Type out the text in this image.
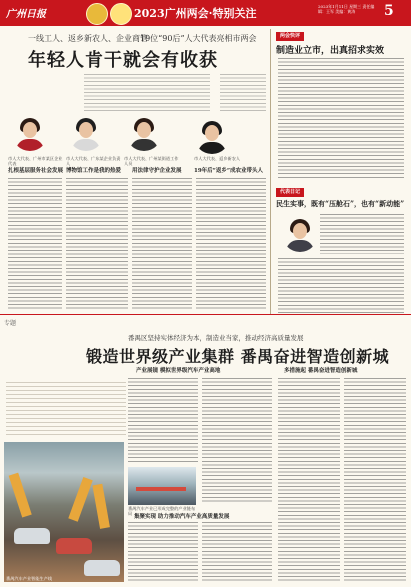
广州日报	2023广州两会·特别关注
2023年1月11日 星期三 责任编辑：王军 美编：黄涛	5
一线工人、返乡新农人、企业商管
19位“90后”人大代表亮相市两会
年轻人肯干就会有收获
两会快评
制造业立市，出真招求实效
代表日记
民生实事，既有“压舱石”，也有“新动能”
市人大代表、广州市某区企业代表
市人大代表、广东某企业负责人
市人大代表、广州某街道工作人员
市人大代表、返乡新农人
扎根基层服务社会发展 博物馆工作是我的热爱 用法律守护企业发展 19年后“返乡”成农业带头人
专题
番禺区坚持实体经济为本，制造业当家，推动经济高质量发展
锻造世界级产业集群 番禺奋进智造创新城
产业展镜 模拟世界级汽车产业高地	多措施起 番禺奋进智造创新城
集聚实现 助力推动汽车产业高质量发展
番禺汽车产业已形成完整的产业链布局
番禺汽车产业智能生产线
